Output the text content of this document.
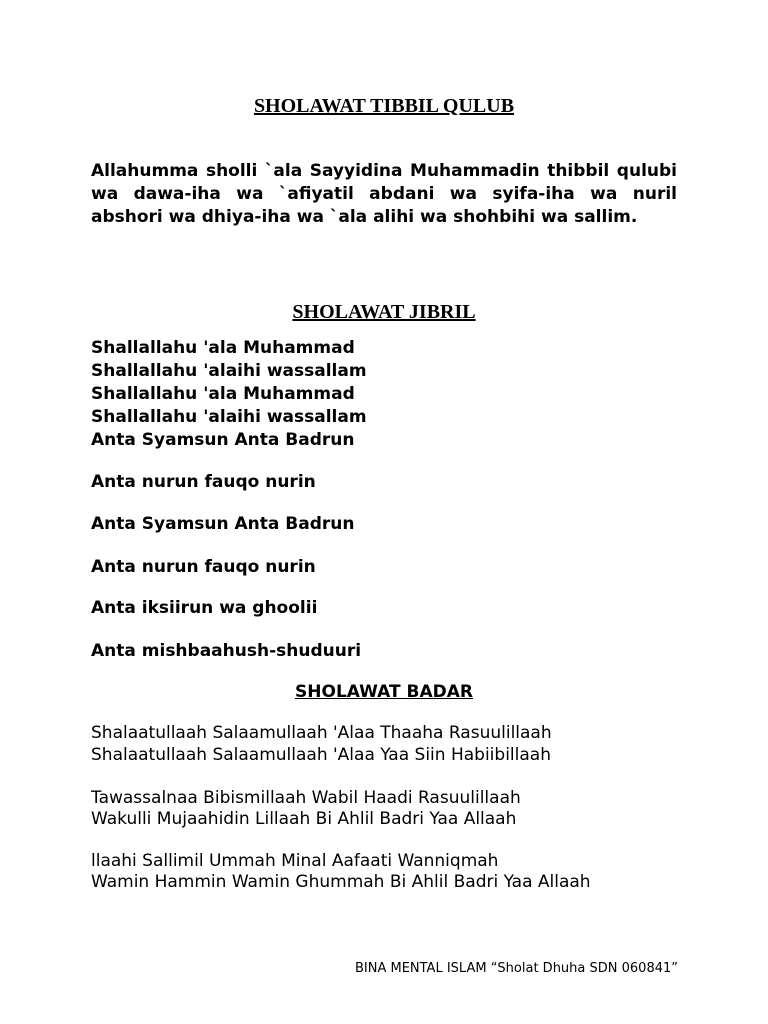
SHOLAWAT TIBBIL QULUB

Allahumma sholli `ala Sayyidina Muhammadin thibbil qulubi wa dawa-iha wa `afiyatil abdani wa syifa-iha wa nuril abshori wa dhiya-iha wa `ala alihi wa shohbihi wa sallim.

SHOLAWAT JIBRIL
Shallallahu 'ala Muhammad
Shallallahu 'alaihi wassallam
Shallallahu 'ala Muhammad
Shallallahu 'alaihi wassallam
Anta Syamsun Anta Badrun
Anta nurun fauqo nurin
Anta Syamsun Anta Badrun
Anta nurun fauqo nurin
Anta iksiirun wa ghoolii
Anta mishbaahush-shuduuri
SHOLAWAT BADAR
Shalaatullaah Salaamullaah 'Alaa Thaaha Rasuulillaah
Shalaatullaah Salaamullaah 'Alaa Yaa Siin Habiibillaah
Tawassalnaa Bibismillaah Wabil Haadi Rasuulillaah
Wakulli Mujaahidin Lillaah Bi Ahlil Badri Yaa Allaah
llaahi Sallimil Ummah Minal Aafaati Wanniqmah
Wamin Hammin Wamin Ghummah Bi Ahlil Badri Yaa Allaah
BINA MENTAL ISLAM “Sholat Dhuha SDN 060841”
